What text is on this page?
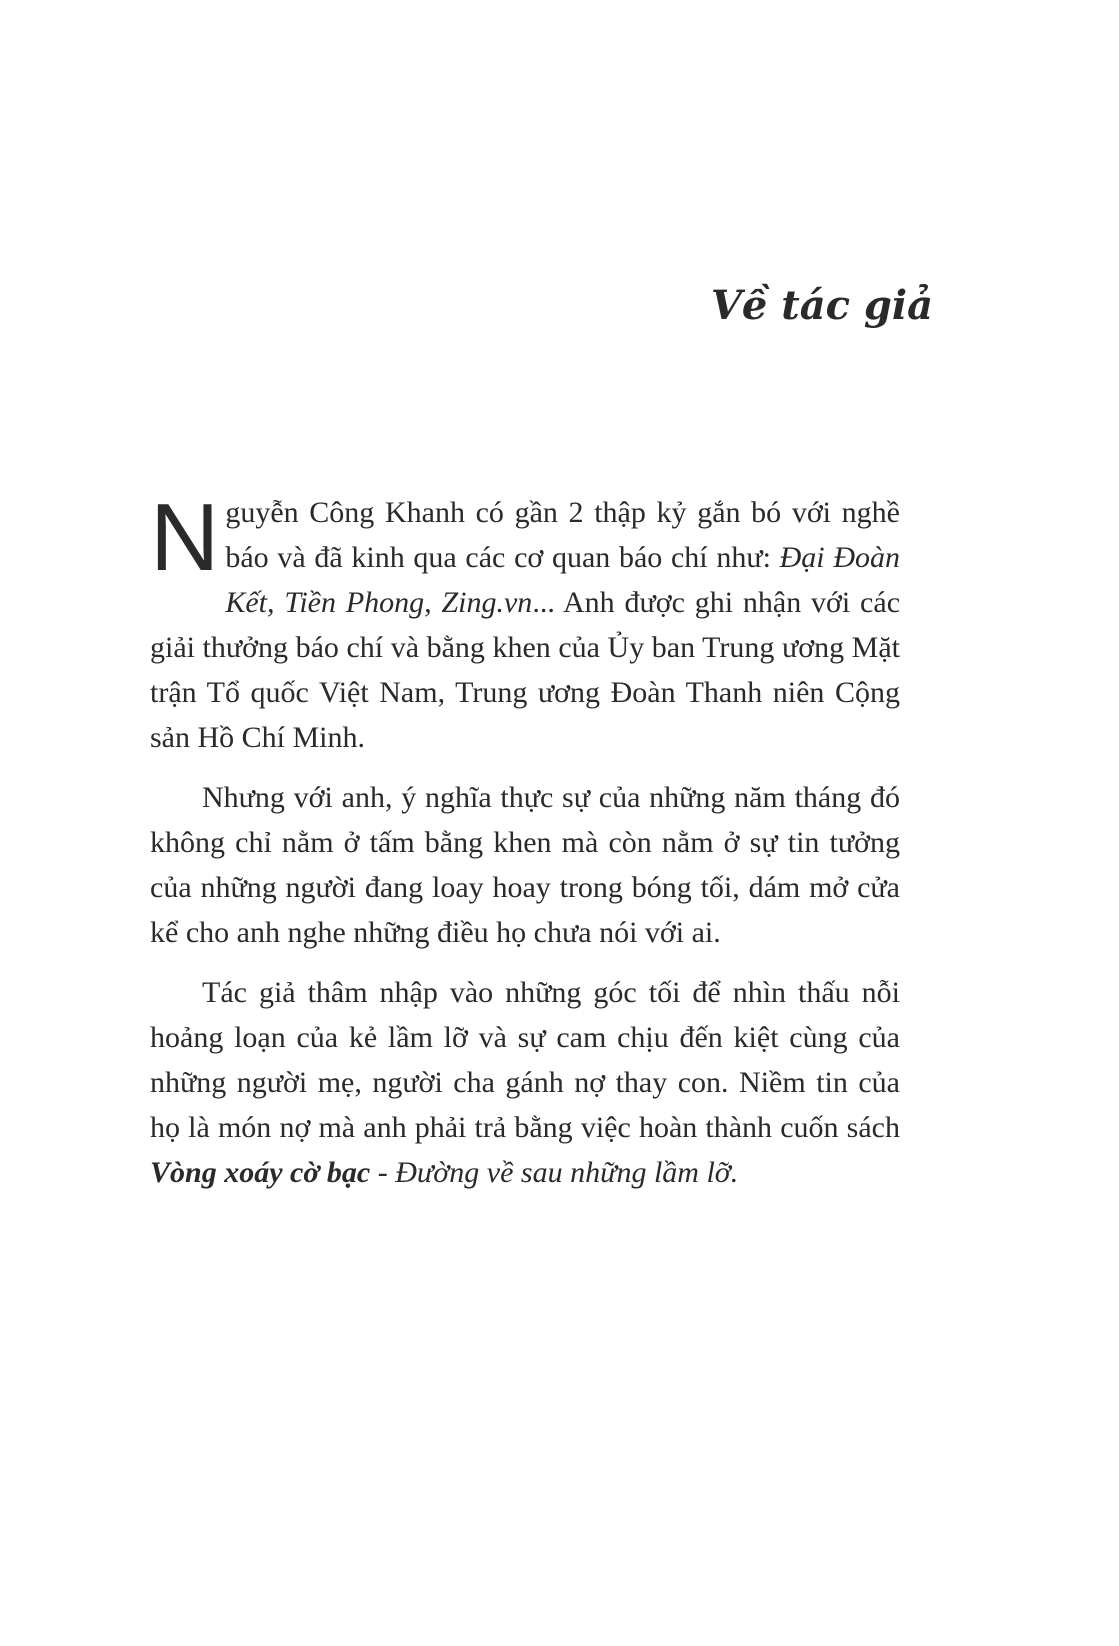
Về tác giả

Nguyễn Công Khanh có gần 2 thập kỷ gắn bó với nghề báo và đã kinh qua các cơ quan báo chí như: Đại Đoàn Kết, Tiền Phong, Zing.vn... Anh được ghi nhận với các giải thưởng báo chí và bằng khen của Ủy ban Trung ương Mặt trận Tổ quốc Việt Nam, Trung ương Đoàn Thanh niên Cộng sản Hồ Chí Minh.

Nhưng với anh, ý nghĩa thực sự của những năm tháng đó không chỉ nằm ở tấm bằng khen mà còn nằm ở sự tin tưởng của những người đang loay hoay trong bóng tối, dám mở cửa kể cho anh nghe những điều họ chưa nói với ai.

Tác giả thâm nhập vào những góc tối để nhìn thấu nỗi hoảng loạn của kẻ lầm lỡ và sự cam chịu đến kiệt cùng của những người mẹ, người cha gánh nợ thay con. Niềm tin của họ là món nợ mà anh phải trả bằng việc hoàn thành cuốn sách Vòng xoáy cờ bạc - Đường về sau những lầm lỡ.
